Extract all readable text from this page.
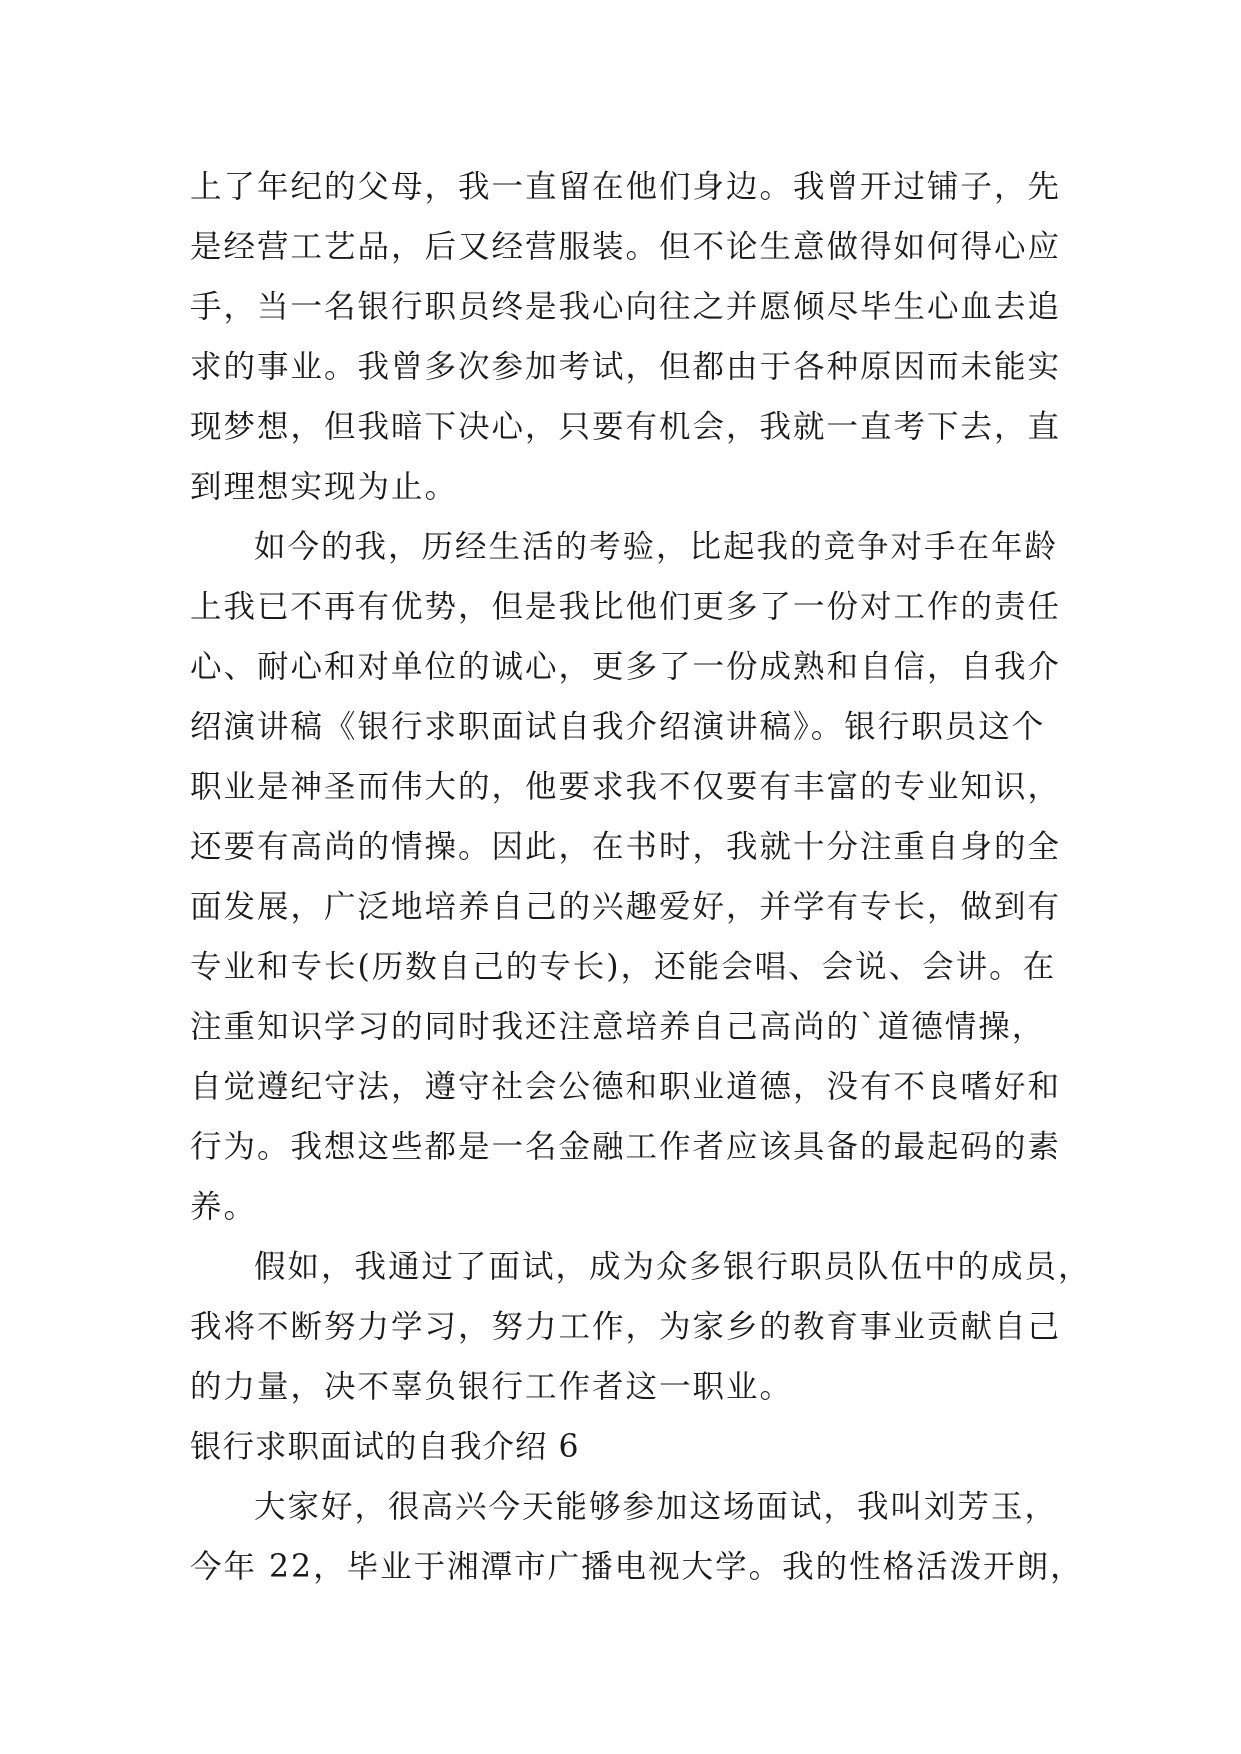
上了年纪的父母，我一直留在他们身边。我曾开过铺子，先
是经营工艺品，后又经营服装。但不论生意做得如何得心应
手，当一名银行职员终是我心向往之并愿倾尽毕生心血去追
求的事业。我曾多次参加考试，但都由于各种原因而未能实
现梦想，但我暗下决心，只要有机会，我就一直考下去，直
到理想实现为止。
如今的我，历经生活的考验，比起我的竞争对手在年龄
上我已不再有优势，但是我比他们更多了一份对工作的责任
心、耐心和对单位的诚心，更多了一份成熟和自信，自我介
绍演讲稿《银行求职面试自我介绍演讲稿》。银行职员这个
职业是神圣而伟大的，他要求我不仅要有丰富的专业知识，
还要有高尚的情操。因此，在书时，我就十分注重自身的全
面发展，广泛地培养自己的兴趣爱好，并学有专长，做到有
专业和专长(历数自己的专长)，还能会唱、会说、会讲。在
注重知识学习的同时我还注意培养自己高尚的`道德情操，
自觉遵纪守法，遵守社会公德和职业道德，没有不良嗜好和
行为。我想这些都是一名金融工作者应该具备的最起码的素
养。
假如，我通过了面试，成为众多银行职员队伍中的成员，
我将不断努力学习，努力工作，为家乡的教育事业贡献自己
的力量，决不辜负银行工作者这一职业。
银行求职面试的自我介绍 6
大家好，很高兴今天能够参加这场面试，我叫刘芳玉，
今年 22，毕业于湘潭市广播电视大学。我的性格活泼开朗，
